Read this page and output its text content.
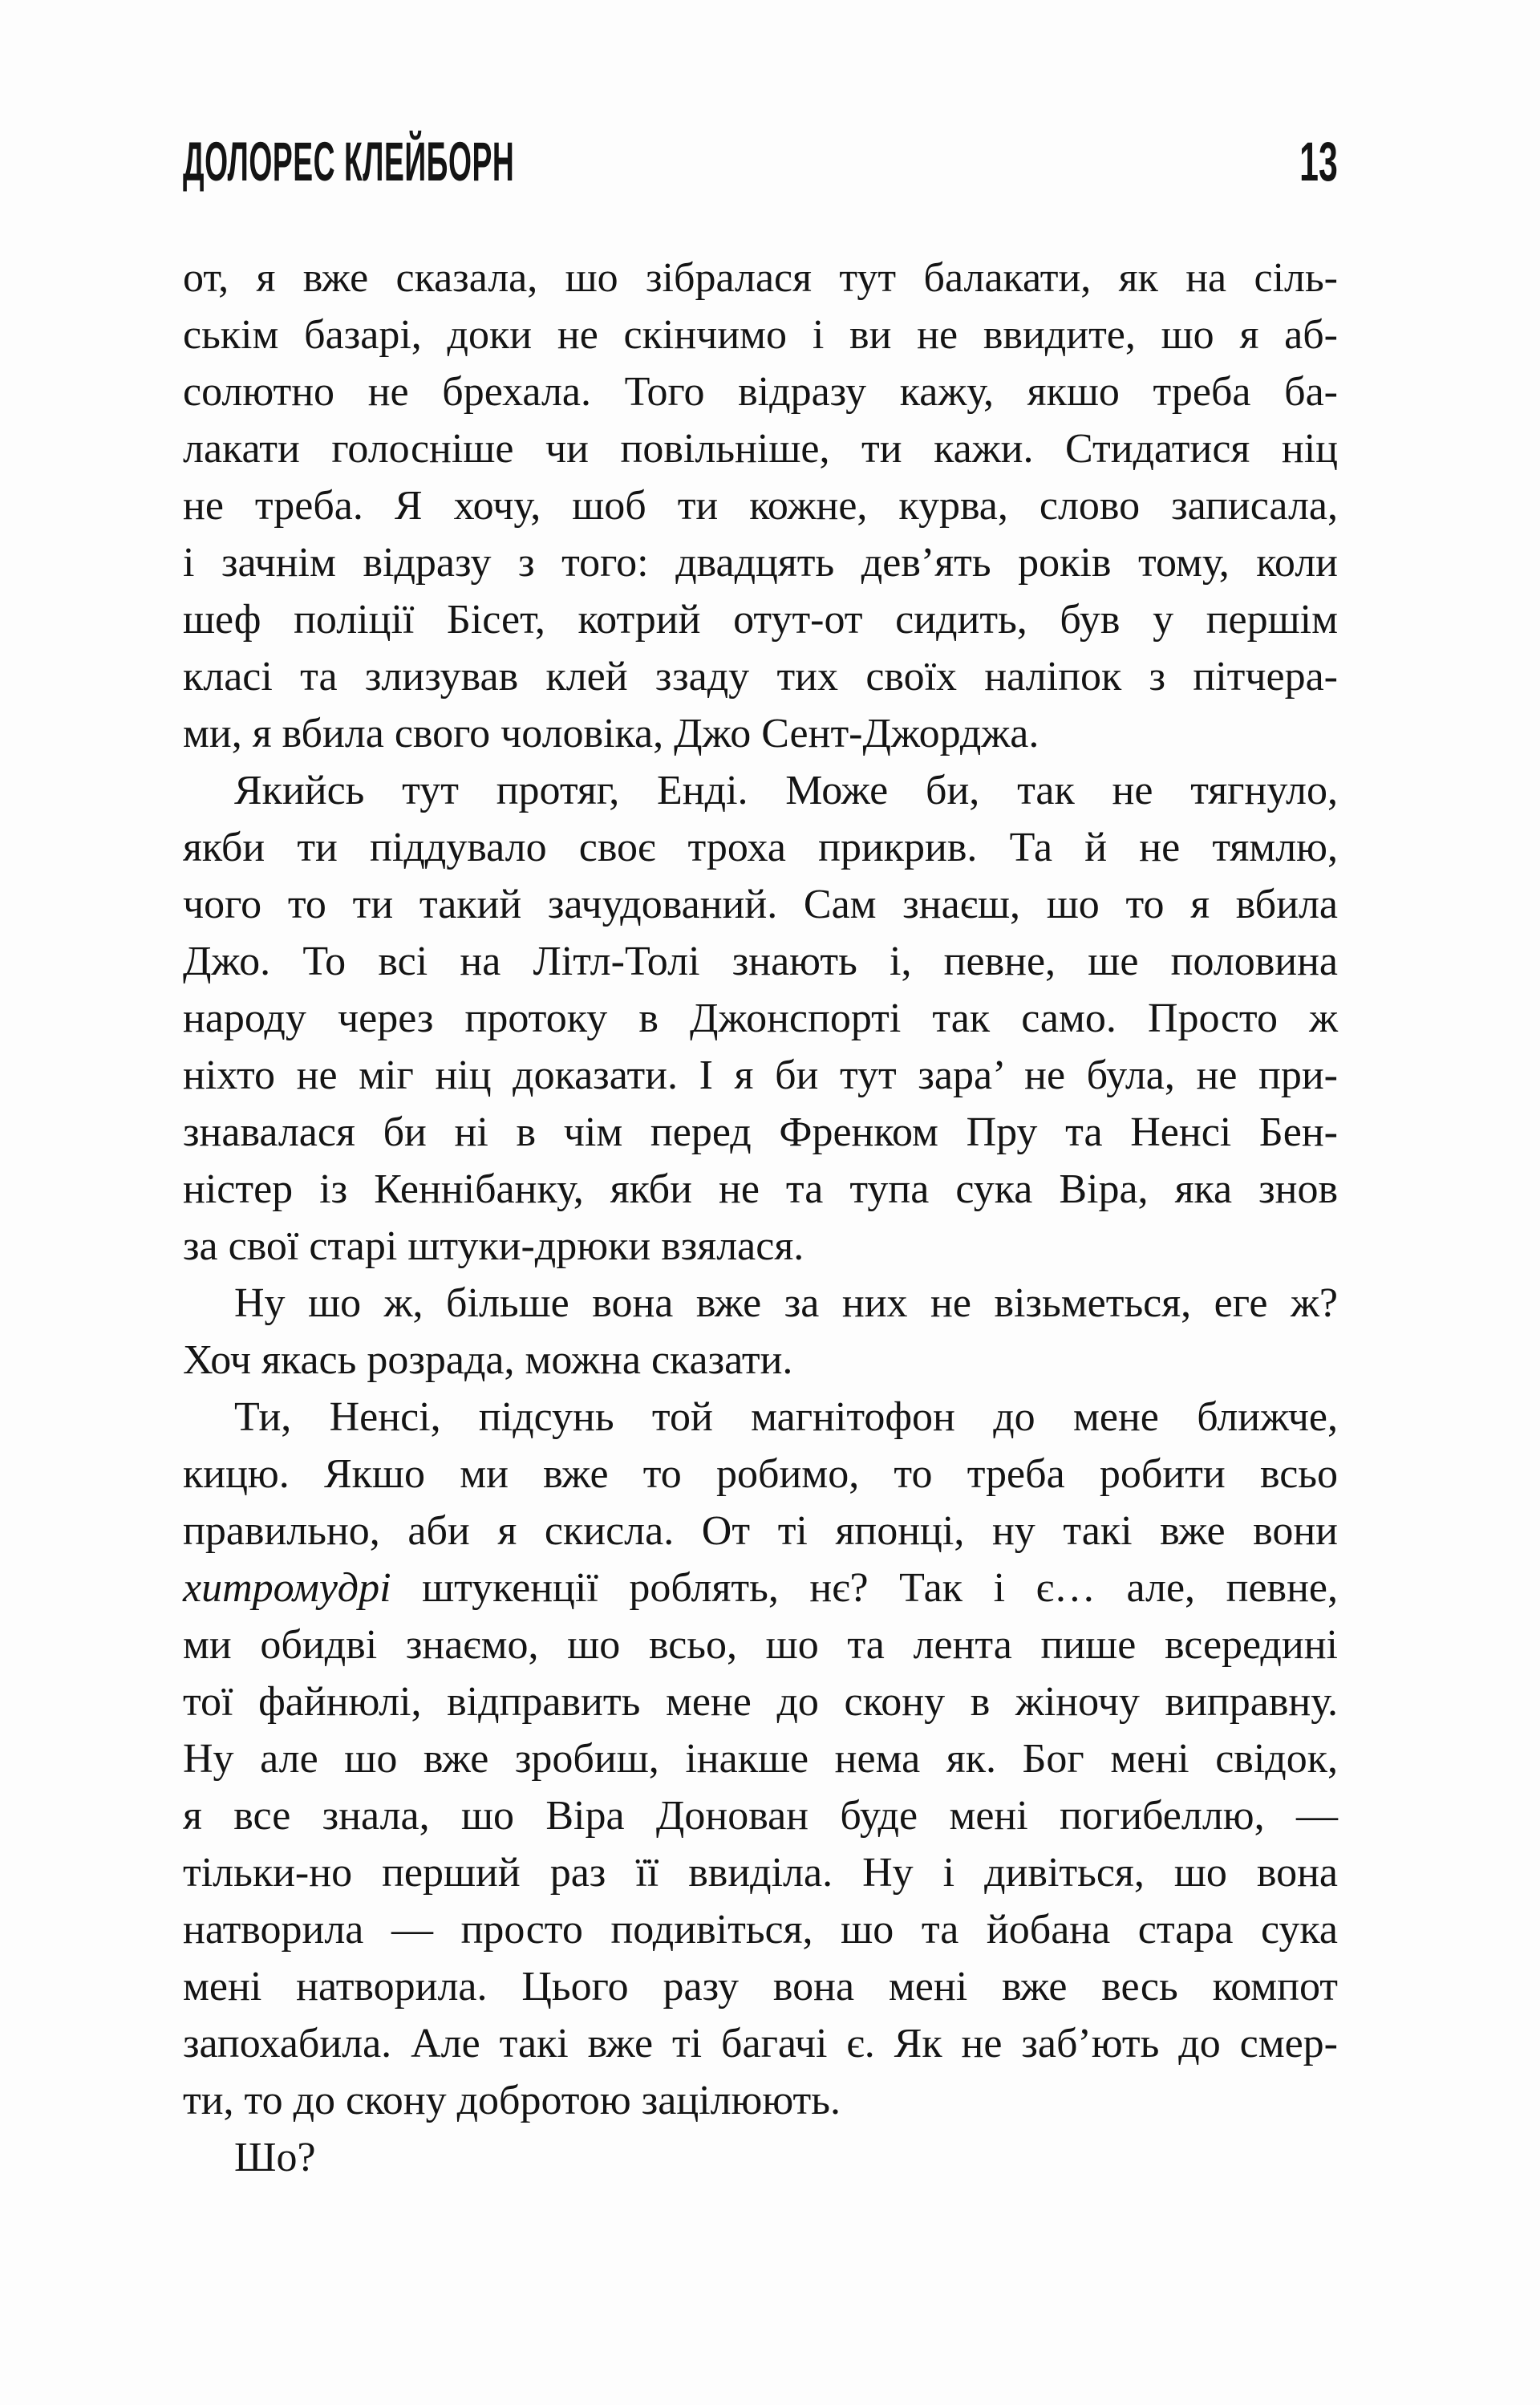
ДОЛОРЕС КЛЕЙБОРН	13
от, я вже сказала, шо зібралася тут балакати, як на сіль-
ськім базарі, доки не скінчимо і ви не ввидите, шо я аб-
солютно не брехала. Того відразу кажу, якшо треба ба-
лакати голосніше чи повільніше, ти кажи. Стидатися ніц
не треба. Я хочу, шоб ти кожне, курва, слово записала,
і зачнім відразу з того: двадцять дев’ять років тому, коли
шеф поліції Бісет, котрий отут-от сидить, був у першім
класі та злизував клей ззаду тих своїх наліпок з пітчера-
ми, я вбила свого чоловіка, Джо Сент-Джорджа.
Якийсь тут протяг, Енді. Може би, так не тягнуло,
якби ти піддувало своє троха прикрив. Та й не тямлю,
чого то ти такий зачудований. Сам знаєш, шо то я вбила
Джо. То всі на Літл-Толі знають і, певне, ше половина
народу через протоку в Джонспорті так само. Просто ж
ніхто не міг ніц доказати. І я би тут зара’ не була, не при-
знавалася би ні в чім перед Френком Пру та Ненсі Бен-
ністер із Кеннібанку, якби не та тупа сука Віра, яка знов
за свої старі штуки-дрюки взялася.
Ну шо ж, більше вона вже за них не візьметься, еге ж?
Хоч якась розрада, можна сказати.
Ти, Ненсі, підсунь той магнітофон до мене ближче,
кицю. Якшо ми вже то робимо, то треба робити всьо
правильно, аби я скисла. От ті японці, ну такі вже вони
хитромудрі штукенції роблять, нє? Так і є… але, певне,
ми обидві знаємо, шо всьо, шо та лента пише всередині
тої файнюлі, відправить мене до скону в жіночу виправну.
Ну але шо вже зробиш, інакше нема як. Бог мені свідок,
я все знала, шо Віра Донован буде мені погибеллю, —
тільки-но перший раз її ввиділа. Ну і дивіться, шо вона
натворила — просто подивіться, шо та йобана стара сука
мені натворила. Цього разу вона мені вже весь компот
запохабила. Але такі вже ті багачі є. Як не заб’ють до смер-
ти, то до скону добротою зацілюють.
Шо?
